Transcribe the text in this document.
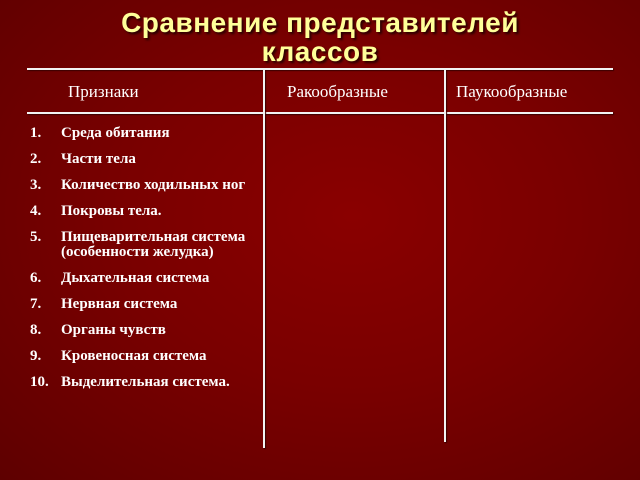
Сравнение представителей
классов
Признаки	Ракообразные	Паукообразные
1.	Среда обитания
2.	Части тела
3.	Количество ходильных ног
4.	Покровы тела.
5.	Пищеварительная система (особенности желудка)
6.	Дыхательная система
7.	Нервная система
8.	Органы чувств
9.	Кровеносная система
10. Выделительная система.
